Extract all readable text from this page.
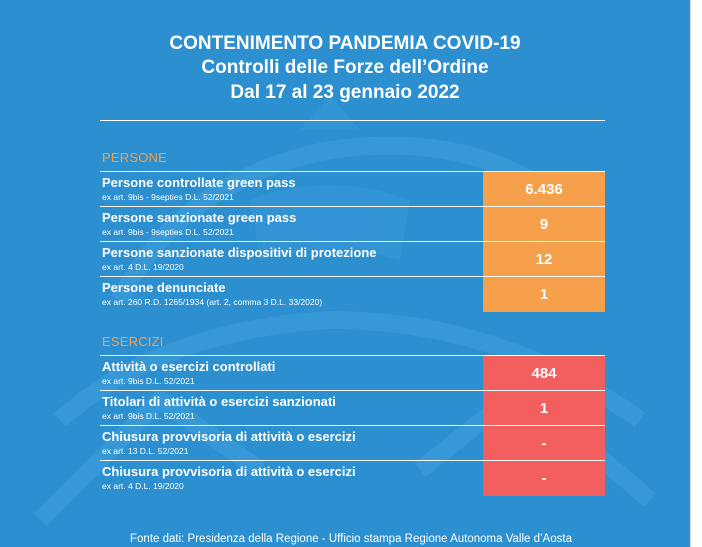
CONTENIMENTO PANDEMIA COVID-19
Controlli delle Forze dell’Ordine
Dal 17 al 23 gennaio 2022
PERSONE
Persone controllate green pass
ex art. 9bis - 9septies D.L. 52/2021	6.436
Persone sanzionate green pass
ex art. 9bis - 9septies D.L. 52/2021	9
Persone sanzionate dispositivi di protezione
ex art. 4 D.L. 19/2020	12
Persone denunciate
ex art. 260 R.D. 1265/1934 (art. 2, comma 3 D.L. 33/2020)	1
ESERCIZI
Attività o esercizi controllati
ex art. 9bis D.L. 52/2021	484
Titolari di attività o esercizi sanzionati
ex art. 9bis D.L. 52/2021	1
Chiusura provvisoria di attività o esercizi
ex art. 13 D.L. 52/2021	-
Chiusura provvisoria di attività o esercizi
ex art. 4 D.L. 19/2020	-
Fonte dati: Presidenza della Regione - Ufficio stampa Regione Autonoma Valle d’Aosta
